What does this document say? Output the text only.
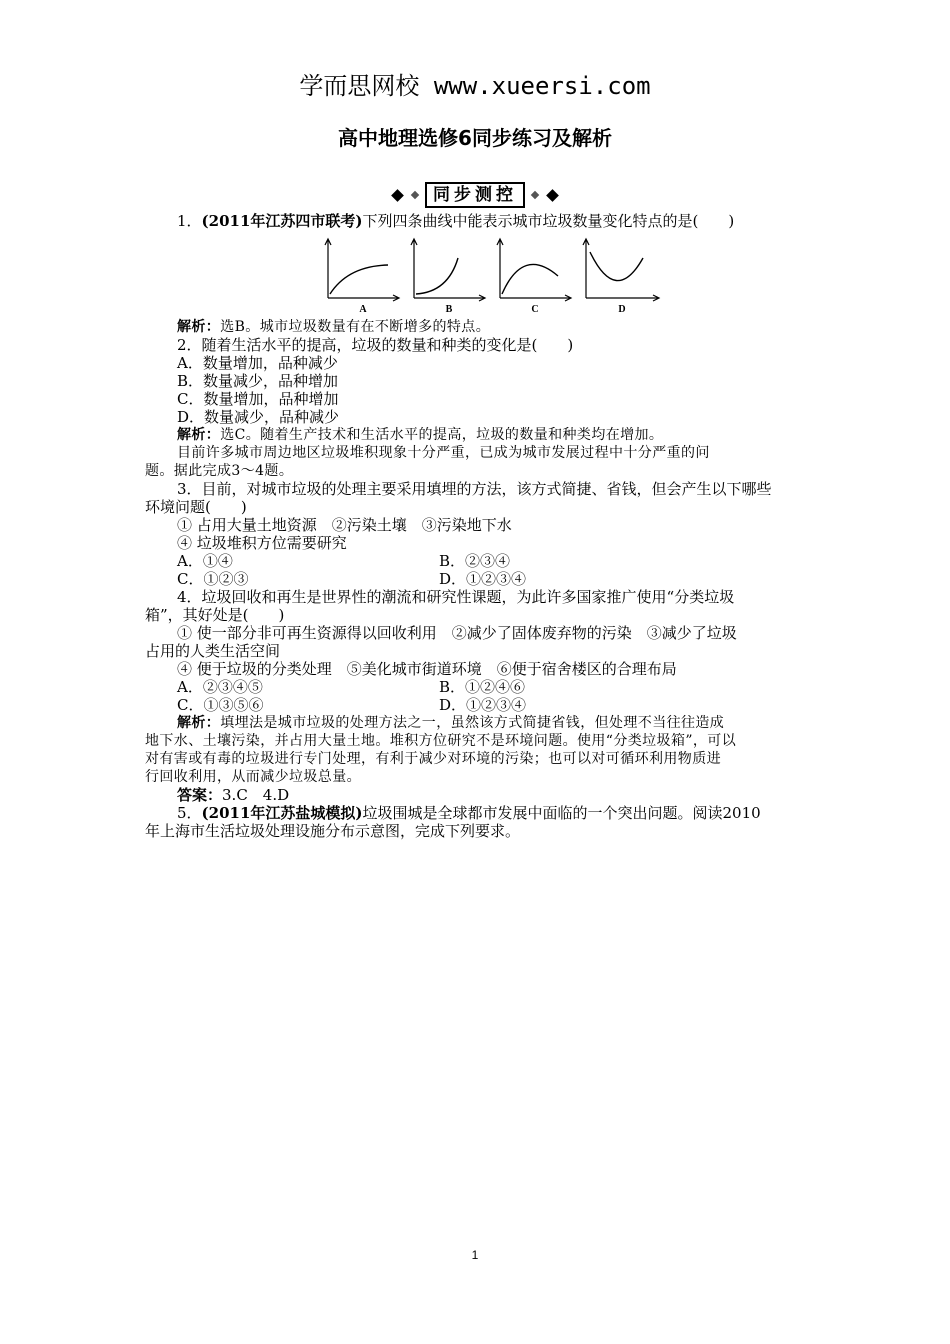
学而思网校 www.xueersi.com
高中地理选修6同步练习及解析
同步测控
A	B	C	D
1．(2011年江苏四市联考)下列四条曲线中能表示城市垃圾数量变化特点的是(　　)
解析：选B。城市垃圾数量有在不断增多的特点。
2．随着生活水平的提高，垃圾的数量和种类的变化是(　　)
A．数量增加，品种减少
B．数量减少，品种增加
C．数量增加，品种增加
D．数量减少，品种减少
解析：选C。随着生产技术和生活水平的提高，垃圾的数量和种类均在增加。
目前许多城市周边地区垃圾堆积现象十分严重，已成为城市发展过程中十分严重的问
题。据此完成3～4题。
3．目前，对城市垃圾的处理主要采用填埋的方法，该方式简捷、省钱，但会产生以下哪些
环境问题(　　)
① 占用大量土地资源　②污染土壤　③污染地下水
④ 垃圾堆积方位需要研究
A．①④	B．②③④
C．①②③	D．①②③④
4．垃圾回收和再生是世界性的潮流和研究性课题，为此许多国家推广使用“分类垃圾
箱”，其好处是(　　)
① 使一部分非可再生资源得以回收利用　②减少了固体废弃物的污染　③减少了垃圾
占用的人类生活空间
④ 便于垃圾的分类处理　⑤美化城市街道环境　⑥便于宿舍楼区的合理布局
A．②③④⑤	B．①②④⑥
C．①③⑤⑥	D．①②③④
解析：填埋法是城市垃圾的处理方法之一，虽然该方式简捷省钱，但处理不当往往造成
地下水、土壤污染，并占用大量土地。堆积方位研究不是环境问题。使用“分类垃圾箱”，可以
对有害或有毒的垃圾进行专门处理，有利于减少对环境的污染；也可以对可循环利用物质进
行回收利用，从而减少垃圾总量。
答案：3.C　4.D
5．(2011年江苏盐城模拟)垃圾围城是全球都市发展中面临的一个突出问题。阅读2010
年上海市生活垃圾处理设施分布示意图，完成下列要求。
1
